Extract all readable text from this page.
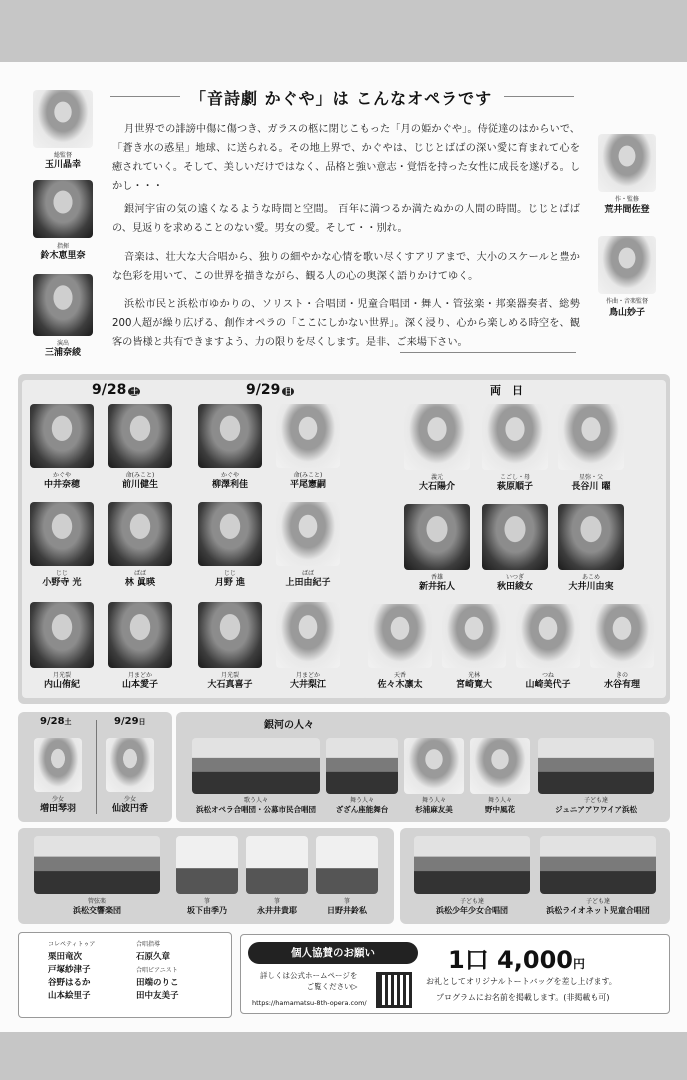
「音詩劇 かぐや」は こんなオペラです
月世界での誹謗中傷に傷つき、ガラスの柩に閉じこもった「月の姫かぐや」。侍従達のはからいで、「蒼き水の惑星」地球、に送られる。その地上界で、かぐやは、じじとばばの深い愛に育まれて心を癒されていく。そして、美しいだけではなく、品格と強い意志・覚悟を持った女性に成長を遂げる。しかし・・・
銀河宇宙の気の遠くなるような時間と空間。 百年に満つるか満たぬかの人間の時間。じじとばばの、見返りを求めることのない愛。男女の愛。そして・・別れ。
音楽は、壮大な大合唱から、独りの細やかな心情を歌い尽くすアリアまで、大小のスケールと豊かな色彩を用いて、この世界を描きながら、観る人の心の奥深く語りかけてゆく。
浜松市民と浜松市ゆかりの、ソリスト・合唱団・児童合唱団・舞人・管弦楽・邦楽器奏者、総勢200人超が繰り広げる、創作オペラの「ここにしかない世界」。深く浸り、心から楽しめる時空を、観客の皆様と共有できますよう、力の限りを尽くします。是非、ご来場下さい。
総監督
玉川晶幸
指揮
鈴木恵里奈
演出
三浦奈綾
作・監修
荒井間佐登
作曲・音楽監督
鳥山妙子
9/28 土	9/29 日	両　日
かぐや
中井奈穂
命(みこと)
前川健生
じじ
小野寺 光
ばば
林 眞暎
月光裂
内山侑紀
月まどか
山本愛子
かぐや
柳澤利佳
命(みこと)
平尾憲嗣
じじ
月野 進
ばば
上田由紀子
月光裂
大石真喜子
月まどか
大井梨江
義元
大石陽介
こごし・母
萩原順子
星弥・父
長谷川 曜
香雄
新井拓人
いつぎ
秋田綾女
あこめ
大井川由実
天香
佐々木凛太
光林
宮崎寛大
つね
山崎美代子
きの
水谷有理
9/28土	9/29日
少女
増田琴羽
少女
仙波円香
銀河の人々
歌う人々
浜松オペラ合唱団・公募市民合唱団
舞う人々
ざざん座能舞台
舞う人々
杉浦麻友美
舞う人々
野中風花
子ども達
ジュニアアワワイア浜松
管弦楽
浜松交響楽団
箏
坂下由季乃
箏
永井井貴耶
箏
日野井鈴私
子ども達
浜松少年少女合唱団
子ども達
浜松ライオネット児童合唱団
コレペティトゥア
栗田竜次
戸塚紗津子
谷野はるか
山本絵里子
合唱指導
石原久章
合唱ピアニスト
田端のりこ
田中友美子
個人協賛のお願い
詳しくは公式ホームページを
ご覧ください▷
https://hamamatsu-8th-opera.com/
1口 4,000円
お礼としてオリジナルトートバッグを差し上げます。
プログラムにお名前を掲載します。(非掲載も可)
